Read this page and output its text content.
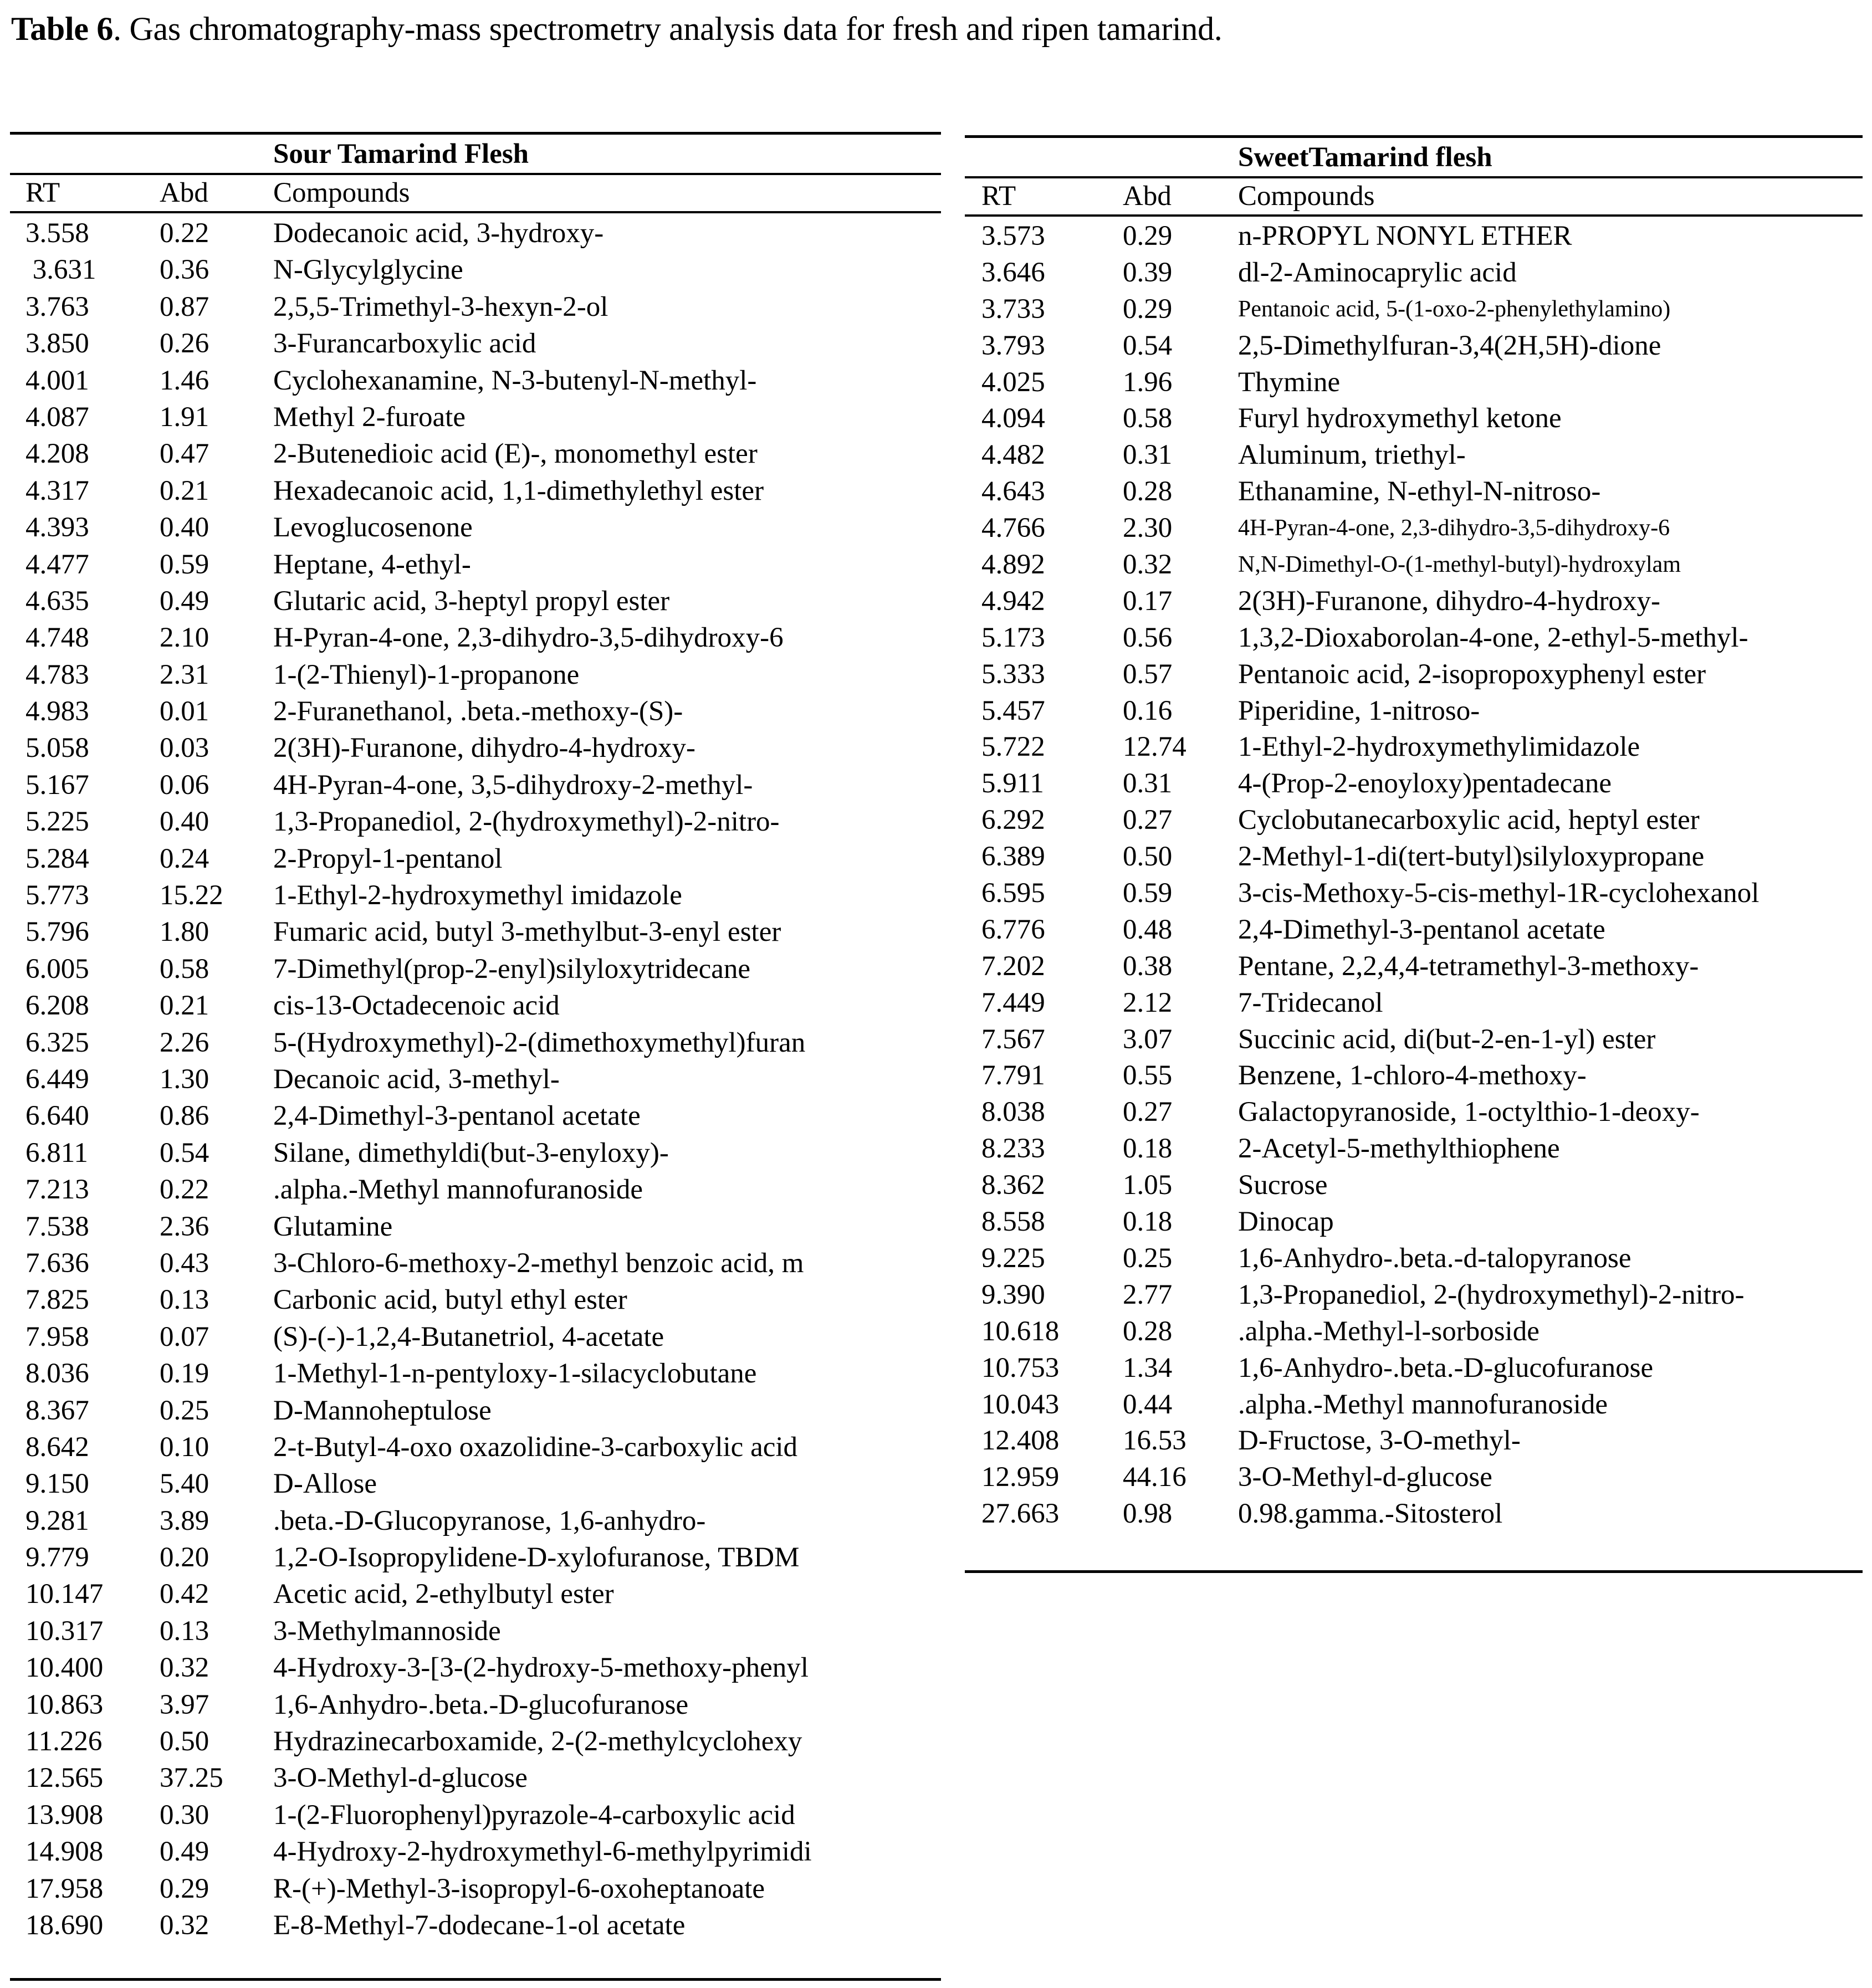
Table 6. Gas chromatography-mass spectrometry analysis data for fresh and ripen tamarind.
Sour Tamarind Flesh
RT	Abd Compounds
3.558 0.22 Dodecanoic acid, 3-hydroxy-
3.631 0.36 N-Glycylglycine
3.763 0.87 2,5,5-Trimethyl-3-hexyn-2-ol
3.850 0.26 3-Furancarboxylic acid
4.001 1.46 Cyclohexanamine, N-3-butenyl-N-methyl-
4.087 1.91 Methyl 2-furoate
4.208 0.47 2-Butenedioic acid (E)-, monomethyl ester
4.317 0.21 Hexadecanoic acid, 1,1-dimethylethyl ester
4.393 0.40 Levoglucosenone
4.477 0.59 Heptane, 4-ethyl-
4.635 0.49 Glutaric acid, 3-heptyl propyl ester
4.748 2.10 H-Pyran-4-one, 2,3-dihydro-3,5-dihydroxy-6
4.783 2.31 1-(2-Thienyl)-1-propanone
4.983 0.01 2-Furanethanol, .beta.-methoxy-(S)-
5.058 0.03 2(3H)-Furanone, dihydro-4-hydroxy-
5.167 0.06 4H-Pyran-4-one, 3,5-dihydroxy-2-methyl-
5.225 0.40 1,3-Propanediol, 2-(hydroxymethyl)-2-nitro-
5.284 0.24 2-Propyl-1-pentanol
5.773 15.22 1-Ethyl-2-hydroxymethyl imidazole
5.796 1.80 Fumaric acid, butyl 3-methylbut-3-enyl ester
6.005 0.58 7-Dimethyl(prop-2-enyl)silyloxytridecane
6.208 0.21 cis-13-Octadecenoic acid
6.325 2.26 5-(Hydroxymethyl)-2-(dimethoxymethyl)furan
6.449 1.30 Decanoic acid, 3-methyl-
6.640 0.86 2,4-Dimethyl-3-pentanol acetate
6.811	0.54 Silane, dimethyldi(but-3-enyloxy)-
7.213 0.22 .alpha.-Methyl mannofuranoside
7.538 2.36 Glutamine
7.636 0.43 3-Chloro-6-methoxy-2-methyl benzoic acid, m
7.825 0.13 Carbonic acid, butyl ethyl ester
7.958 0.07 (S)-(-)-1,2,4-Butanetriol, 4-acetate
8.036 0.19 1-Methyl-1-n-pentyloxy-1-silacyclobutane
8.367 0.25 D-Mannoheptulose
8.642 0.10 2-t-Butyl-4-oxo oxazolidine-3-carboxylic acid
9.150 5.40 D-Allose
9.281 3.89 .beta.-D-Glucopyranose, 1,6-anhydro-
9.779 0.20 1,2-O-Isopropylidene-D-xylofuranose, TBDM
10.147 0.42 Acetic acid, 2-ethylbutyl ester
10.317 0.13 3-Methylmannoside
10.400 0.32 4-Hydroxy-3-[3-(2-hydroxy-5-methoxy-phenyl
10.863 3.97 1,6-Anhydro-.beta.-D-glucofuranose
11.226 0.50 Hydrazinecarboxamide, 2-(2-methylcyclohexy
12.565 37.25 3-O-Methyl-d-glucose
13.908 0.30 1-(2-Fluorophenyl)pyrazole-4-carboxylic acid
14.908 0.49 4-Hydroxy-2-hydroxymethyl-6-methylpyrimidi
17.958 0.29 R-(+)-Methyl-3-isopropyl-6-oxoheptanoate
18.690 0.32 E-8-Methyl-7-dodecane-1-ol acetate
SweetTamarind flesh
RT	Abd Compounds
3.573	0.29 n-PROPYL NONYL ETHER
3.646	0.39 dl-2-Aminocaprylic acid
3.733	0.29	Pentanoic acid, 5-(1-oxo-2-phenylethylamino)
3.793	0.54 2,5-Dimethylfuran-3,4(2H,5H)-dione
4.025	1.96 Thymine
4.094	0.58 Furyl hydroxymethyl ketone
4.482	0.31 Aluminum, triethyl-
4.643	0.28 Ethanamine, N-ethyl-N-nitroso-
4.766	2.30	4H-Pyran-4-one, 2,3-dihydro-3,5-dihydroxy-6
4.892	0.32	N,N-Dimethyl-O-(1-methyl-butyl)-hydroxylam
4.942	0.17 2(3H)-Furanone, dihydro-4-hydroxy-
5.173	0.56 1,3,2-Dioxaborolan-4-one, 2-ethyl-5-methyl-
5.333	0.57 Pentanoic acid, 2-isopropoxyphenyl ester
5.457	0.16 Piperidine, 1-nitroso-
5.722	12.74 1-Ethyl-2-hydroxymethylimidazole
5.911	0.31 4-(Prop-2-enoyloxy)pentadecane
6.292	0.27 Cyclobutanecarboxylic acid, heptyl ester
6.389	0.50 2-Methyl-1-di(tert-butyl)silyloxypropane
6.595	0.59 3-cis-Methoxy-5-cis-methyl-1R-cyclohexanol
6.776	0.48 2,4-Dimethyl-3-pentanol acetate
7.202	0.38 Pentane, 2,2,4,4-tetramethyl-3-methoxy-
7.449	2.12 7-Tridecanol
7.567	3.07 Succinic acid, di(but-2-en-1-yl) ester
7.791	0.55 Benzene, 1-chloro-4-methoxy-
8.038	0.27 Galactopyranoside, 1-octylthio-1-deoxy-
8.233	0.18 2-Acetyl-5-methylthiophene
8.362	1.05 Sucrose
8.558	0.18 Dinocap
9.225	0.25 1,6-Anhydro-.beta.-d-talopyranose
9.390	2.77 1,3-Propanediol, 2-(hydroxymethyl)-2-nitro-
10.618 0.28 .alpha.-Methyl-l-sorboside
10.753 1.34 1,6-Anhydro-.beta.-D-glucofuranose
10.043 0.44 .alpha.-Methyl mannofuranoside
12.408 16.53 D-Fructose, 3-O-methyl-
12.959 44.16 3-O-Methyl-d-glucose
27.663 0.98 0.98.gamma.-Sitosterol
